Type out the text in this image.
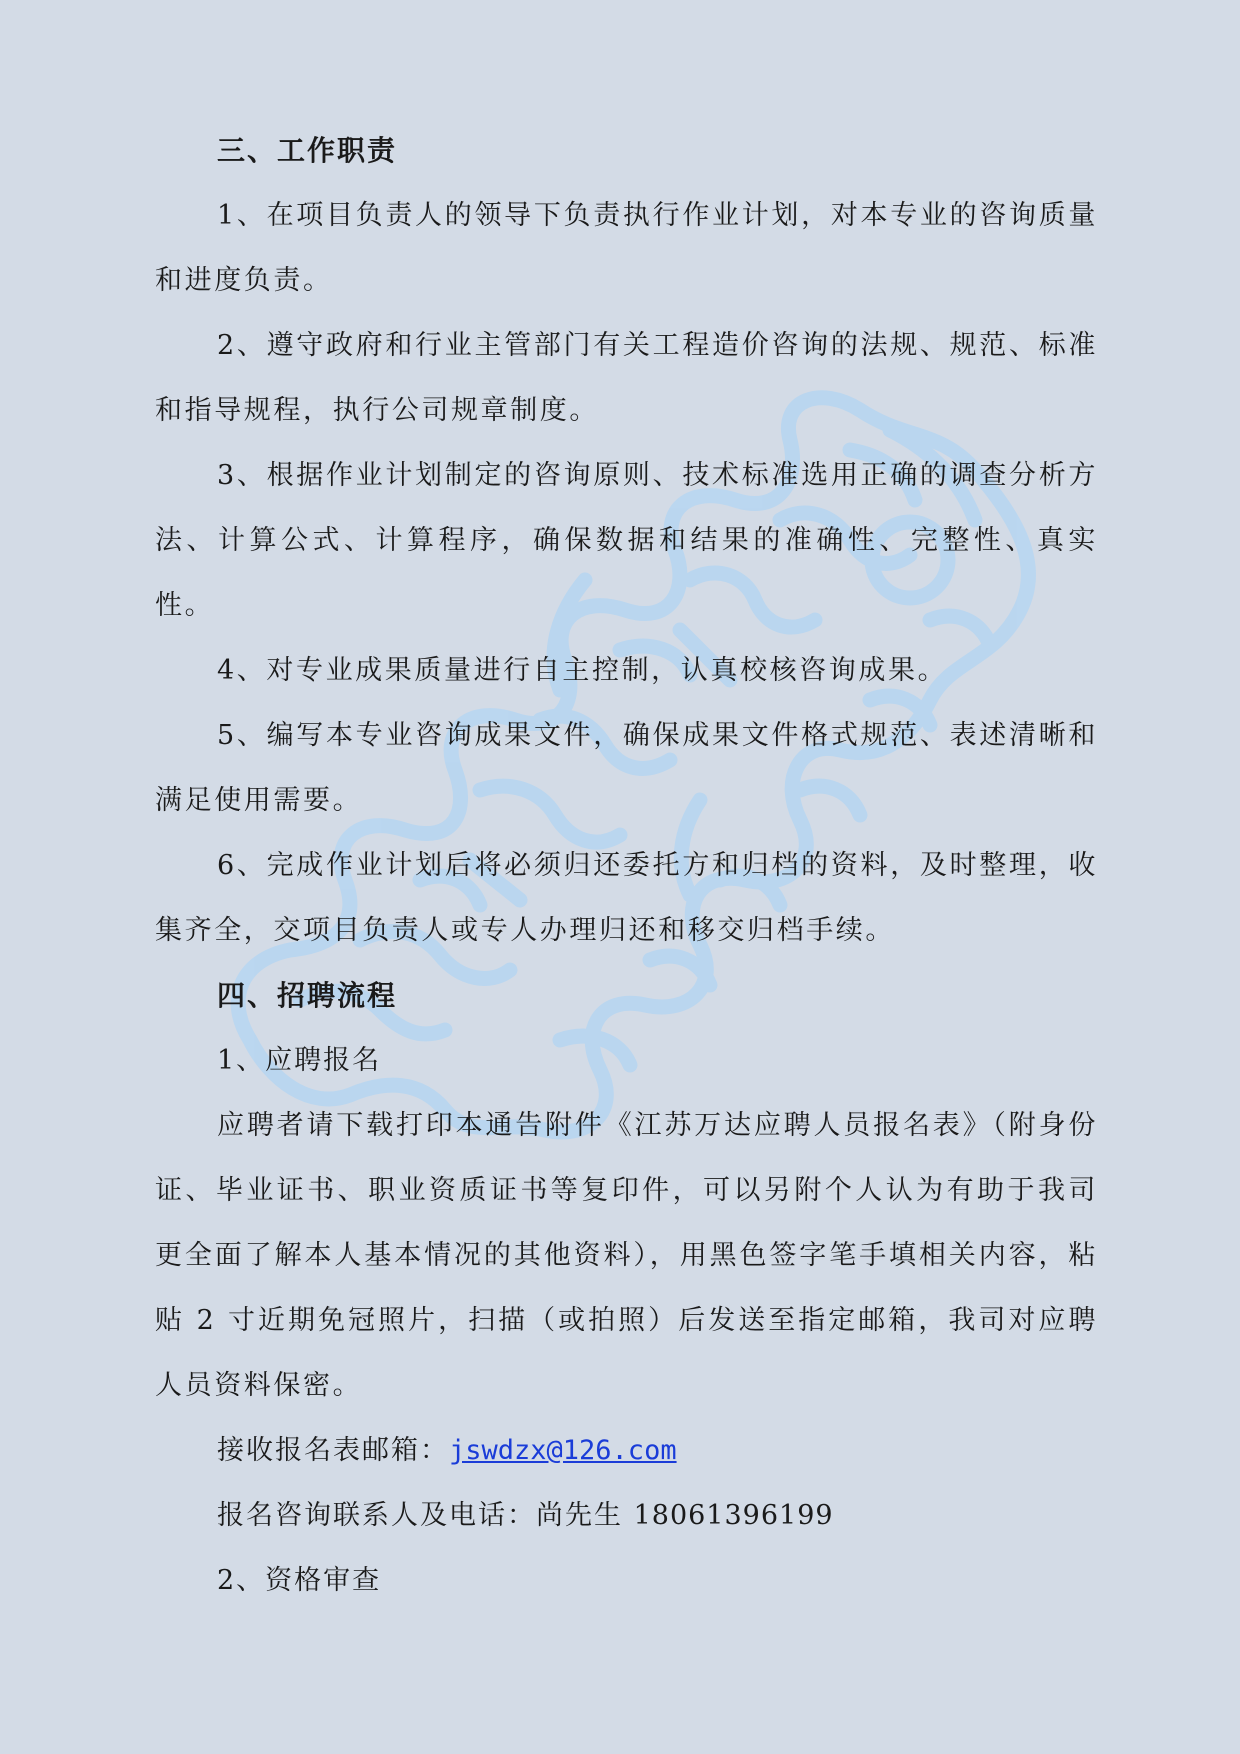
三、工作职责

1、在项目负责人的领导下负责执行作业计划，对本专业的咨询质量和进度负责。

2、遵守政府和行业主管部门有关工程造价咨询的法规、规范、标准和指导规程，执行公司规章制度。

3、根据作业计划制定的咨询原则、技术标准选用正确的调查分析方法、计算公式、计算程序，确保数据和结果的准确性、完整性、真实性。

4、对专业成果质量进行自主控制，认真校核咨询成果。

5、编写本专业咨询成果文件，确保成果文件格式规范、表述清晰和满足使用需要。

6、完成作业计划后将必须归还委托方和归档的资料，及时整理，收集齐全，交项目负责人或专人办理归还和移交归档手续。

四、招聘流程

1、应聘报名

应聘者请下载打印本通告附件《江苏万达应聘人员报名表》（附身份证、毕业证书、职业资质证书等复印件，可以另附个人认为有助于我司更全面了解本人基本情况的其他资料），用黑色签字笔手填相关内容，粘贴 2 寸近期免冠照片，扫描（或拍照）后发送至指定邮箱，我司对应聘人员资料保密。

接收报名表邮箱：jswdzx@126.com

报名咨询联系人及电话：尚先生 18061396199

2、资格审查
